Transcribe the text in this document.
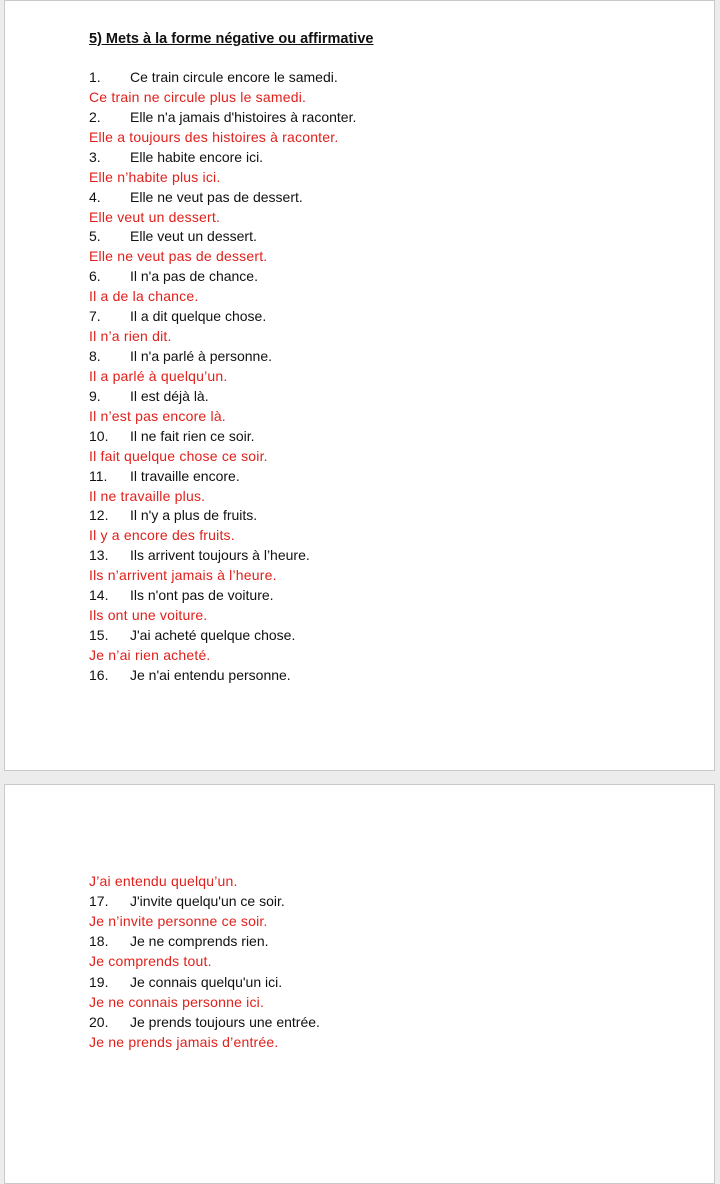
5) Mets à la forme négative ou affirmative
1. Ce train circule encore le samedi.
Ce train ne circule plus le samedi.
2. Elle n'a jamais d'histoires à raconter.
Elle a toujours des histoires à raconter.
3. Elle habite encore ici.
Elle n’habite plus ici.
4. Elle ne veut pas de dessert.
Elle veut un dessert.
5. Elle veut un dessert.
Elle ne veut pas de dessert.
6. Il n'a pas de chance.
Il a de la chance.
7. Il a dit quelque chose.
Il n’a rien dit.
8. Il n'a parlé à personne.
Il a parlé à quelqu’un.
9. Il est déjà là.
Il n’est pas encore là.
10. Il ne fait rien ce soir.
Il fait quelque chose ce soir.
11. Il travaille encore.
Il ne travaille plus.
12. Il n'y a plus de fruits.
Il y a encore des fruits.
13. Ils arrivent toujours à l’heure.
Ils n’arrivent jamais à l’heure.
14. Ils n'ont pas de voiture.
Ils ont une voiture.
15. J'ai acheté quelque chose.
Je n’ai rien acheté.
16. Je n'ai entendu personne.
J’ai entendu quelqu’un.
17. J'invite quelqu'un ce soir.
Je n’invite personne ce soir.
18. Je ne comprends rien.
Je comprends tout.
19. Je connais quelqu'un ici.
Je ne connais personne ici.
20. Je prends toujours une entrée.
Je ne prends jamais d’entrée.
